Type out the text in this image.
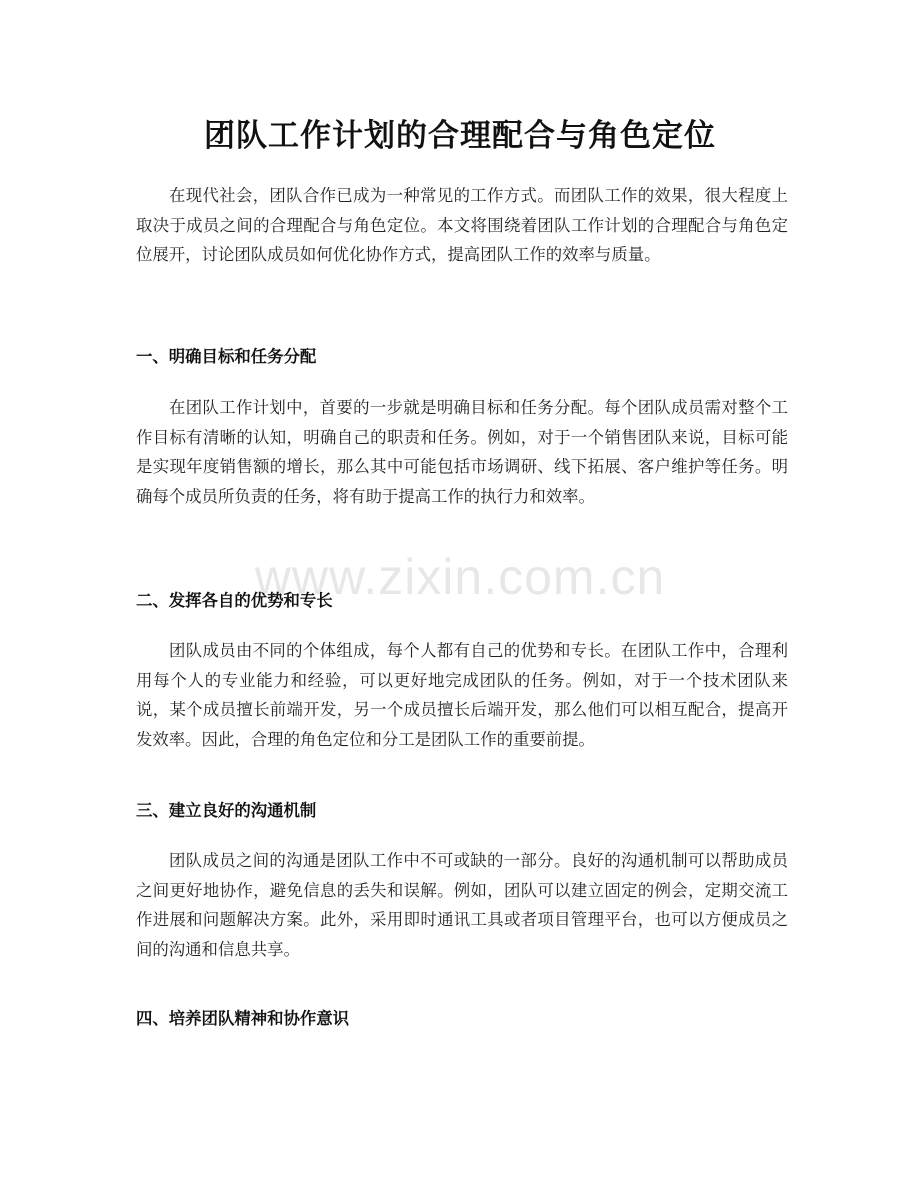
团队工作计划的合理配合与角色定位

在现代社会，团队合作已成为一种常见的工作方式。而团队工作的效果，很大程度上取决于成员之间的合理配合与角色定位。本文将围绕着团队工作计划的合理配合与角色定位展开，讨论团队成员如何优化协作方式，提高团队工作的效率与质量。

一、明确目标和任务分配

在团队工作计划中，首要的一步就是明确目标和任务分配。每个团队成员需对整个工作目标有清晰的认知，明确自己的职责和任务。例如，对于一个销售团队来说，目标可能是实现年度销售额的增长，那么其中可能包括市场调研、线下拓展、客户维护等任务。明确每个成员所负责的任务，将有助于提高工作的执行力和效率。

www.zixin.com.cn
二、发挥各自的优势和专长

团队成员由不同的个体组成，每个人都有自己的优势和专长。在团队工作中，合理利用每个人的专业能力和经验，可以更好地完成团队的任务。例如，对于一个技术团队来说，某个成员擅长前端开发，另一个成员擅长后端开发，那么他们可以相互配合，提高开发效率。因此，合理的角色定位和分工是团队工作的重要前提。

三、建立良好的沟通机制

团队成员之间的沟通是团队工作中不可或缺的一部分。良好的沟通机制可以帮助成员之间更好地协作，避免信息的丢失和误解。例如，团队可以建立固定的例会，定期交流工作进展和问题解决方案。此外，采用即时通讯工具或者项目管理平台，也可以方便成员之间的沟通和信息共享。

四、培养团队精神和协作意识
